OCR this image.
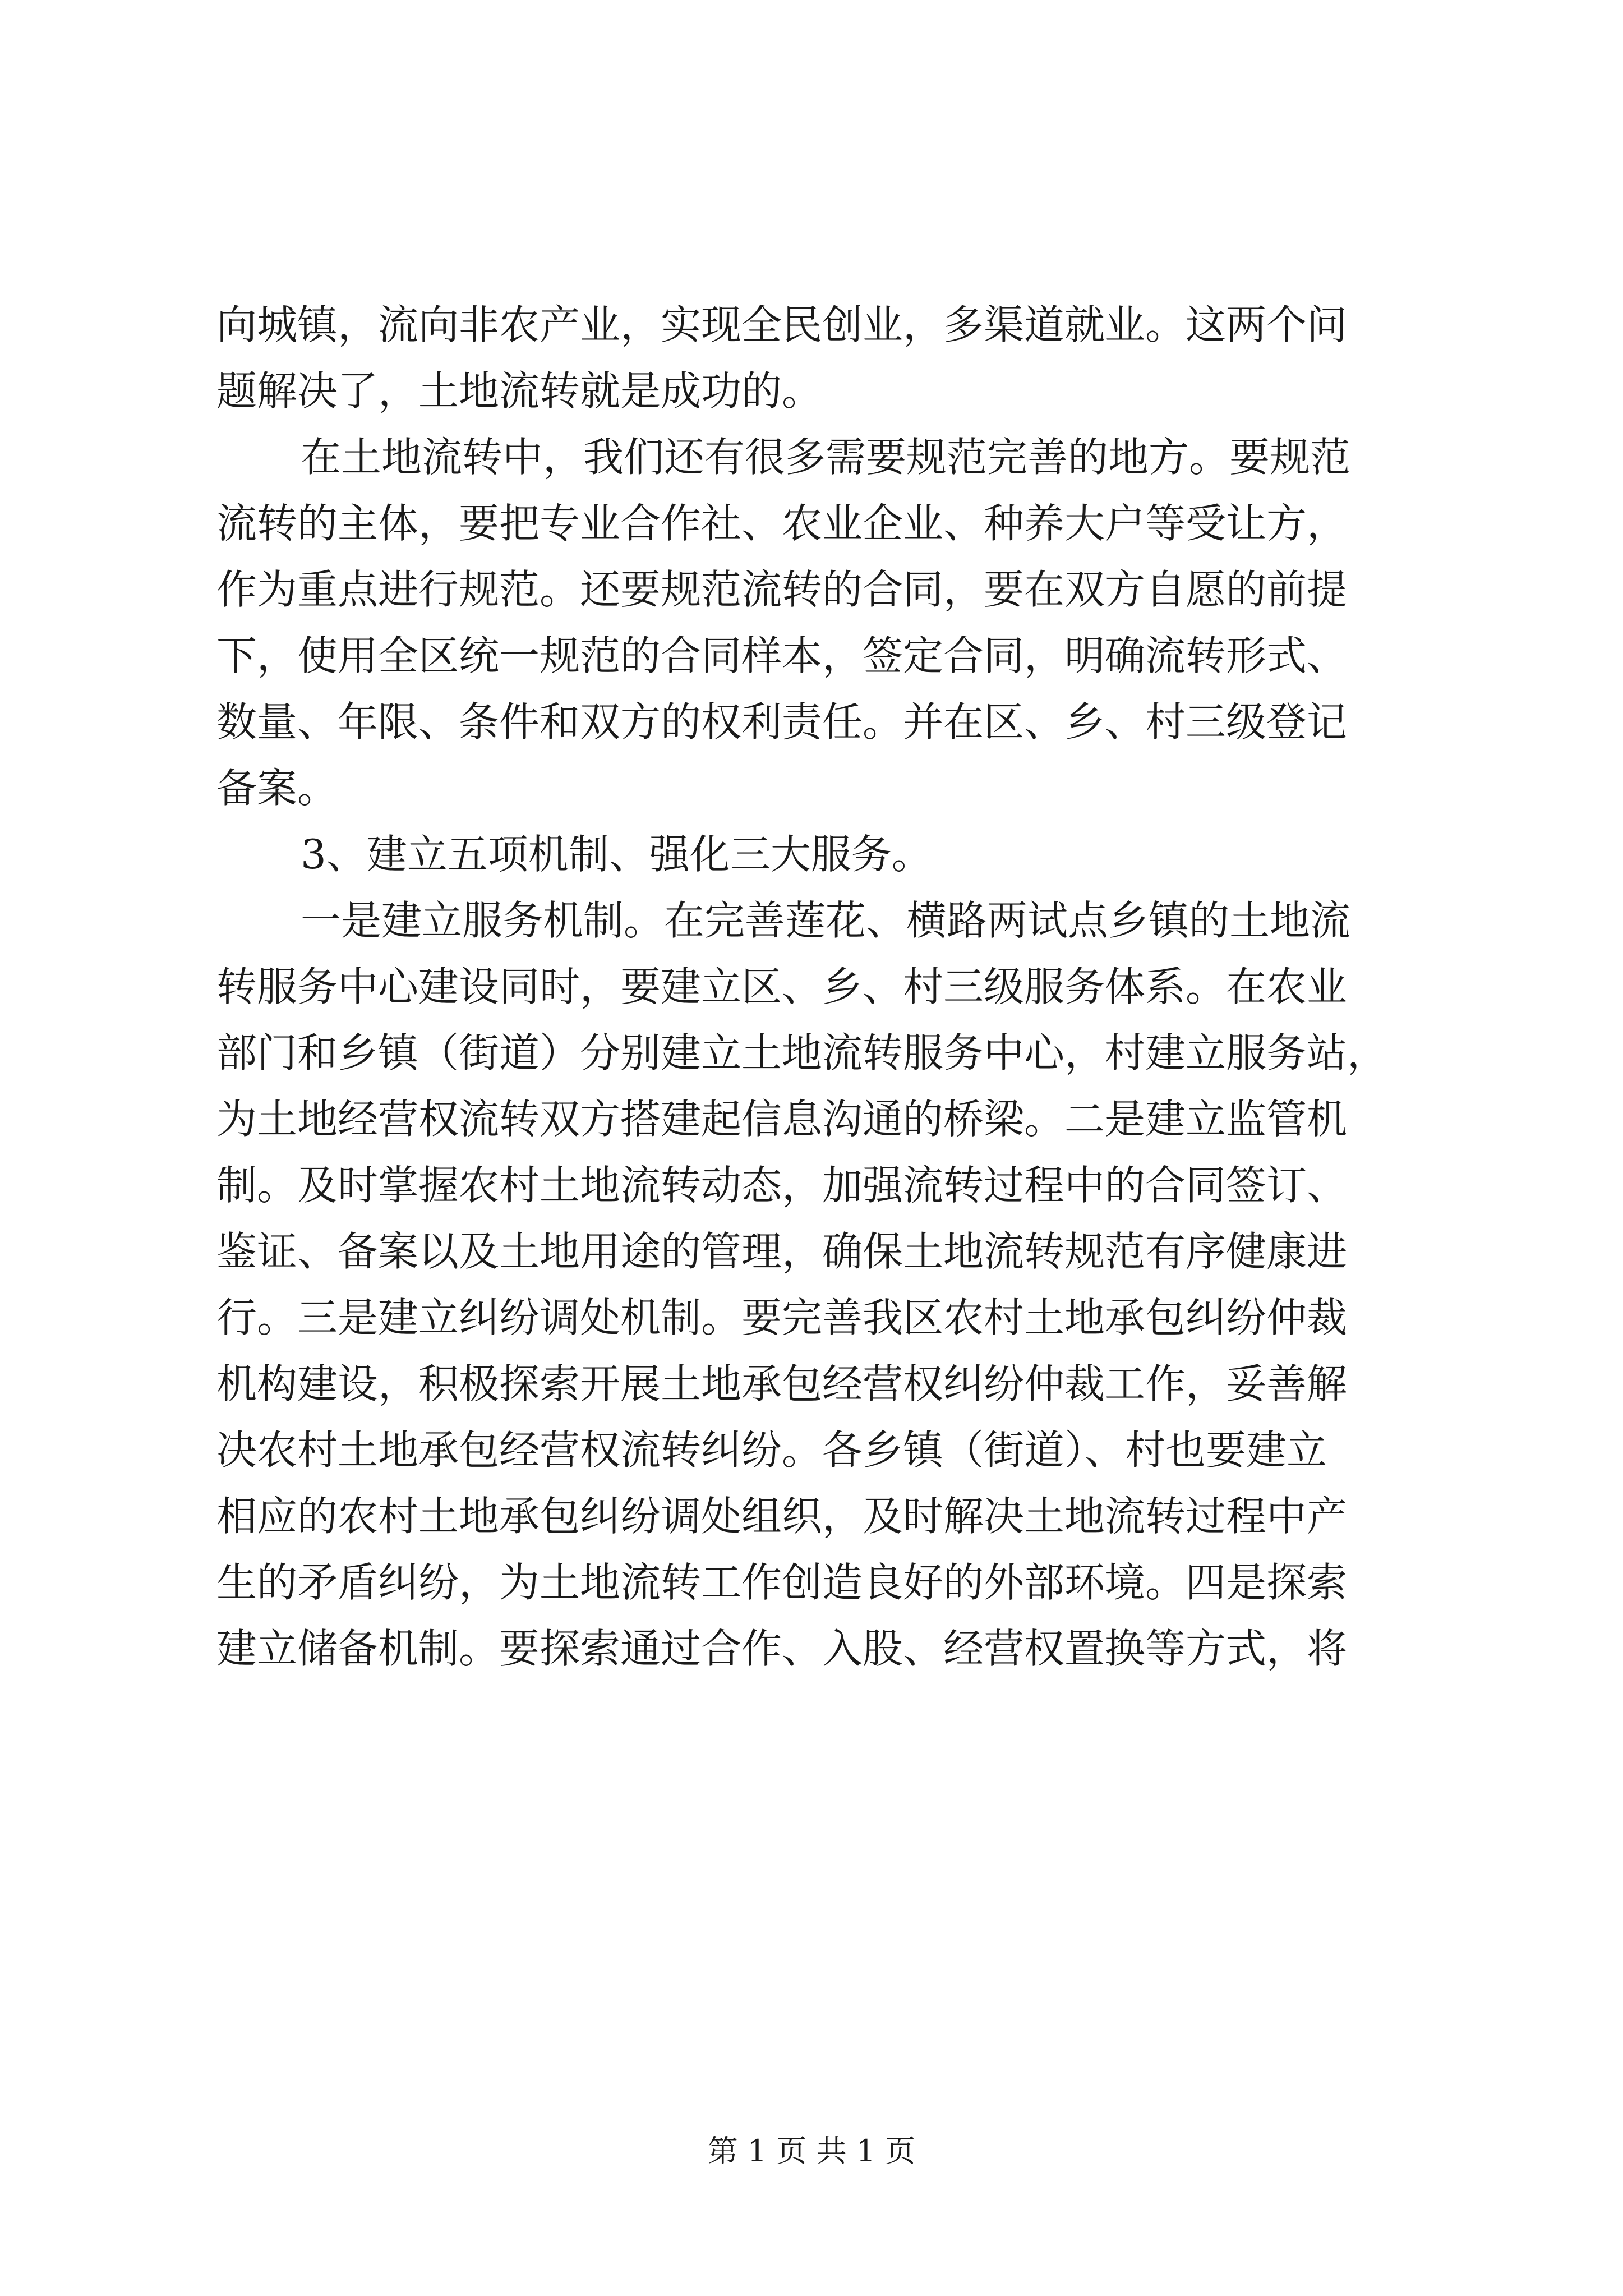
向城镇，流向非农产业，实现全民创业，多渠道就业。这两个问
题解决了，土地流转就是成功的。
在土地流转中，我们还有很多需要规范完善的地方。要规范
流转的主体，要把专业合作社、农业企业、种养大户等受让方，
作为重点进行规范。还要规范流转的合同，要在双方自愿的前提
下，使用全区统一规范的合同样本，签定合同，明确流转形式、
数量、年限、条件和双方的权利责任。并在区、乡、村三级登记
备案。
3、建立五项机制、强化三大服务。
一是建立服务机制。在完善莲花、横路两试点乡镇的土地流
转服务中心建设同时，要建立区、乡、村三级服务体系。在农业
部门和乡镇（街道）分别建立土地流转服务中心，村建立服务站，
为土地经营权流转双方搭建起信息沟通的桥梁。二是建立监管机
制。及时掌握农村土地流转动态，加强流转过程中的合同签订、
鉴证、备案以及土地用途的管理，确保土地流转规范有序健康进
行。三是建立纠纷调处机制。要完善我区农村土地承包纠纷仲裁
机构建设，积极探索开展土地承包经营权纠纷仲裁工作，妥善解
决农村土地承包经营权流转纠纷。各乡镇（街道）、村也要建立
相应的农村土地承包纠纷调处组织，及时解决土地流转过程中产
生的矛盾纠纷，为土地流转工作创造良好的外部环境。四是探索
建立储备机制。要探索通过合作、入股、经营权置换等方式，将
第 1 页 共 1 页
